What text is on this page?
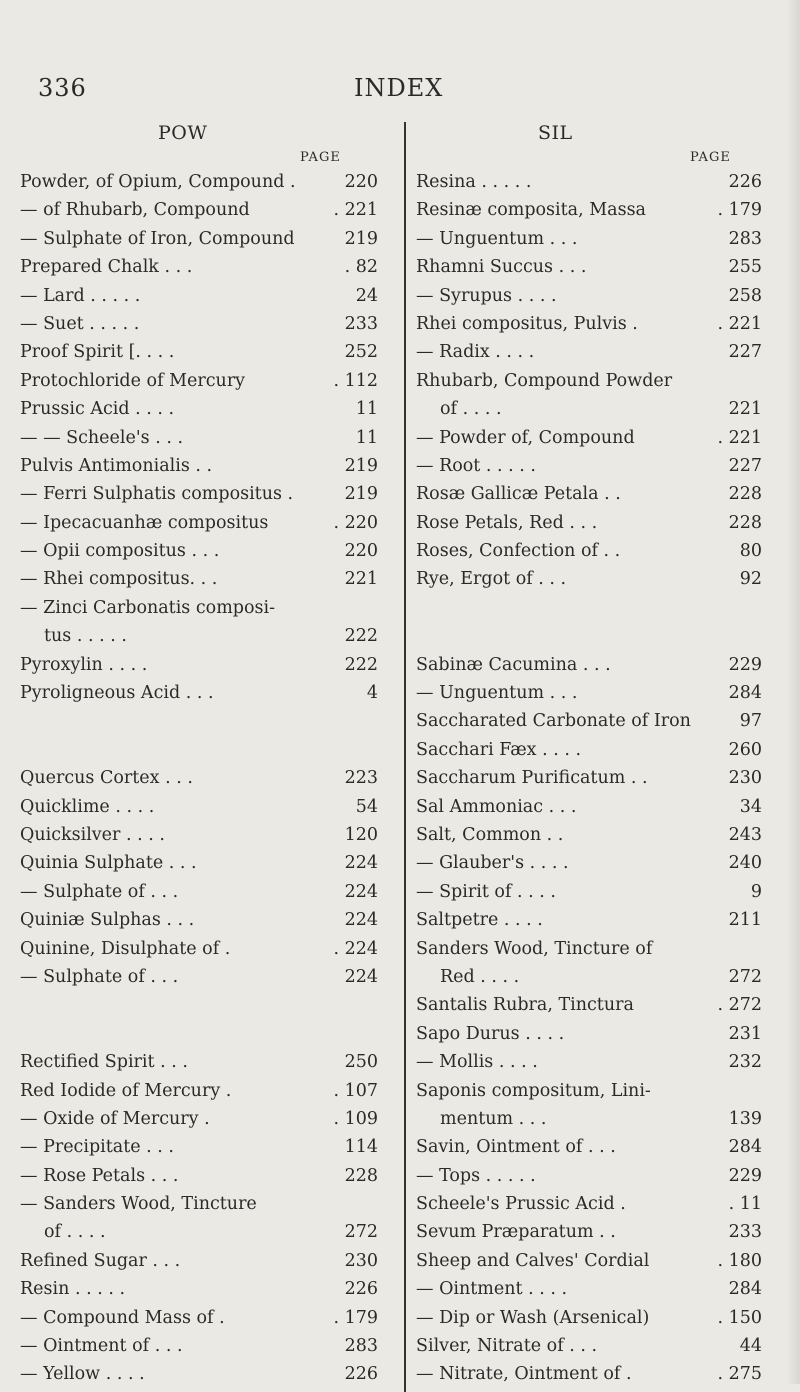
336	INDEX
POW
PAGE
SIL
PAGE
Powder, of Opium, Compound .	220
— of Rhubarb, Compound	. 221
— Sulphate of Iron, Compound	219
Prepared Chalk . . .	. 82
— Lard . . . . .	24
— Suet . . . . .	233
Proof Spirit [. . . .	252
Protochloride of Mercury	. 112
Prussic Acid . . . .	11
— — Scheele's . . .	11
Pulvis Antimonialis . .	219
— Ferri Sulphatis compositus .	219
— Ipecacuanhæ compositus	. 220
— Opii compositus . . .	220
— Rhei compositus. . .	221
— Zinci Carbonatis composi-
tus . . . . .	222
Pyroxylin . . . .	222
Pyroligneous Acid . . .	4
Quercus Cortex . . .	223
Quicklime . . . .	54
Quicksilver . . . .	120
Quinia Sulphate . . .	224
— Sulphate of . . .	224
Quiniæ Sulphas . . .	224
Quinine, Disulphate of .	. 224
— Sulphate of . . .	224
Rectified Spirit . . .	250
Red Iodide of Mercury .	. 107
— Oxide of Mercury .	. 109
— Precipitate . . .	114
— Rose Petals . . .	228
— Sanders Wood, Tincture
of . . . .	272
Refined Sugar . . .	230
Resin . . . . .	226
— Compound Mass of .	. 179
— Ointment of . . .	283
— Yellow . . . .	226
Resina . . . . .	226
Resinæ composita, Massa	. 179
— Unguentum . . .	283
Rhamni Succus . . .	255
— Syrupus . . . .	258
Rhei compositus, Pulvis .	. 221
— Radix . . . .	227
Rhubarb, Compound Powder
of . . . .	221
— Powder of, Compound	. 221
— Root . . . . .	227
Rosæ Gallicæ Petala . .	228
Rose Petals, Red . . .	228
Roses, Confection of . .	80
Rye, Ergot of . . .	92
Sabinæ Cacumina . . .	229
— Unguentum . . .	284
Saccharated Carbonate of Iron	97
Sacchari Fæx . . . .	260
Saccharum Purificatum . .	230
Sal Ammoniac . . .	34
Salt, Common . .	243
— Glauber's . . . .	240
— Spirit of . . . .	9
Saltpetre . . . .	211
Sanders Wood, Tincture of
Red . . . .	272
Santalis Rubra, Tinctura	. 272
Sapo Durus . . . .	231
— Mollis . . . .	232
Saponis compositum, Lini-
mentum . . .	139
Savin, Ointment of . . .	284
— Tops . . . . .	229
Scheele's Prussic Acid .	. 11
Sevum Præparatum . .	233
Sheep and Calves' Cordial	. 180
— Ointment . . . .	284
— Dip or Wash (Arsenical)	. 150
Silver, Nitrate of . . .	44
— Nitrate, Ointment of .	. 275
